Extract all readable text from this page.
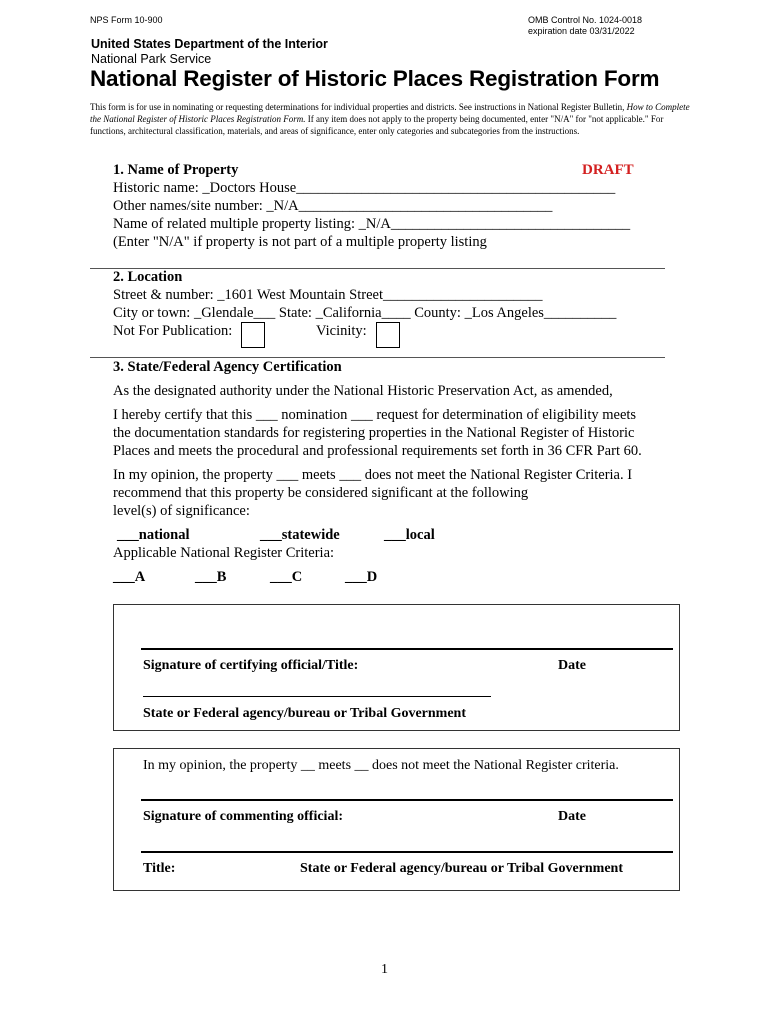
NPS Form 10-900	OMB Control No. 1024-0018
expiration date 03/31/2022
United States Department of the Interior
National Park Service
National Register of Historic Places Registration Form
This form is for use in nominating or requesting determinations for individual properties and districts. See instructions in National Register Bulletin, How to Complete the National Register of Historic Places Registration Form. If any item does not apply to the property being documented, enter "N/A" for "not applicable." For functions, architectural classification, materials, and areas of significance, enter only categories and subcategories from the instructions.
1. Name of Property	DRAFT
Historic name: _Doctors House____________________________________________
Other names/site number: _N/A___________________________________
Name of related multiple property listing: _N/A_________________________________
(Enter "N/A" if property is not part of a multiple property listing
2. Location
Street & number: _1601 West Mountain Street______________________
City or town: _Glendale___ State: _California____ County: _Los Angeles__________
Not For Publication:	Vicinity:
3. State/Federal Agency Certification
As the designated authority under the National Historic Preservation Act, as amended,
I hereby certify that this ___ nomination ___ request for determination of eligibility meets
the documentation standards for registering properties in the National Register of Historic
Places and meets the procedural and professional requirements set forth in 36 CFR Part 60.
In my opinion, the property ___ meets ___ does not meet the National Register Criteria. I
recommend that this property be considered significant at the following
level(s) of significance:
___national	___statewide	___local
Applicable National Register Criteria:
___A	___B	___C	___D
Signature of certifying official/Title:	Date
State or Federal agency/bureau or Tribal Government
In my opinion, the property __ meets __ does not meet the National Register criteria.
Signature of commenting official:	Date
Title:	State or Federal agency/bureau or Tribal Government
1
